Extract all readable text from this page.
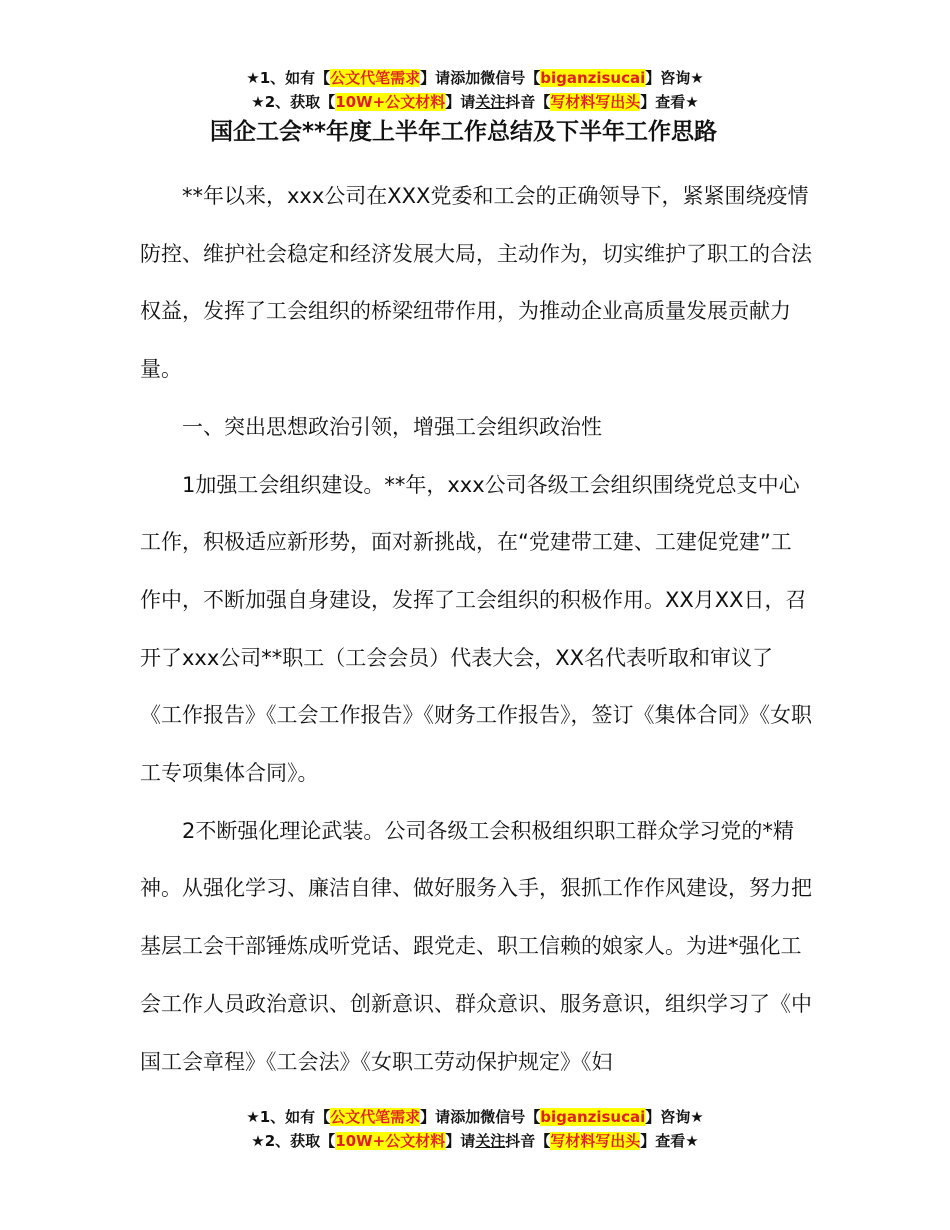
★1、如有【公文代笔需求】请添加微信号【biganzisucai】咨询★
★2、获取【10W+公文材料】请关注抖音【写材料写出头】查看★
国企工会**年度上半年工作总结及下半年工作思路

**年以来，xxx公司在XXX党委和工会的正确领导下，紧紧围绕疫情防控、维护社会稳定和经济发展大局，主动作为，切实维护了职工的合法权益，发挥了工会组织的桥梁纽带作用，为推动企业高质量发展贡献力量。

一、突出思想政治引领，增强工会组织政治性

1加强工会组织建设。**年，xxx公司各级工会组织围绕党总支中心工作，积极适应新形势，面对新挑战，在“党建带工建、工建促党建”工作中，不断加强自身建设，发挥了工会组织的积极作用。XX月XX日，召开了xxx公司**职工（工会会员）代表大会，XX名代表听取和审议了《工作报告》《工会工作报告》《财务工作报告》，签订《集体合同》《女职工专项集体合同》。

2不断强化理论武装。公司各级工会积极组织职工群众学习党的*精神。从强化学习、廉洁自律、做好服务入手，狠抓工作作风建设，努力把基层工会干部锤炼成听党话、跟党走、职工信赖的娘家人。为进*强化工会工作人员政治意识、创新意识、群众意识、服务意识，组织学习了《中国工会章程》《工会法》《女职工劳动保护规定》《妇

★1、如有【公文代笔需求】请添加微信号【biganzisucai】咨询★
★2、获取【10W+公文材料】请关注抖音【写材料写出头】查看★
